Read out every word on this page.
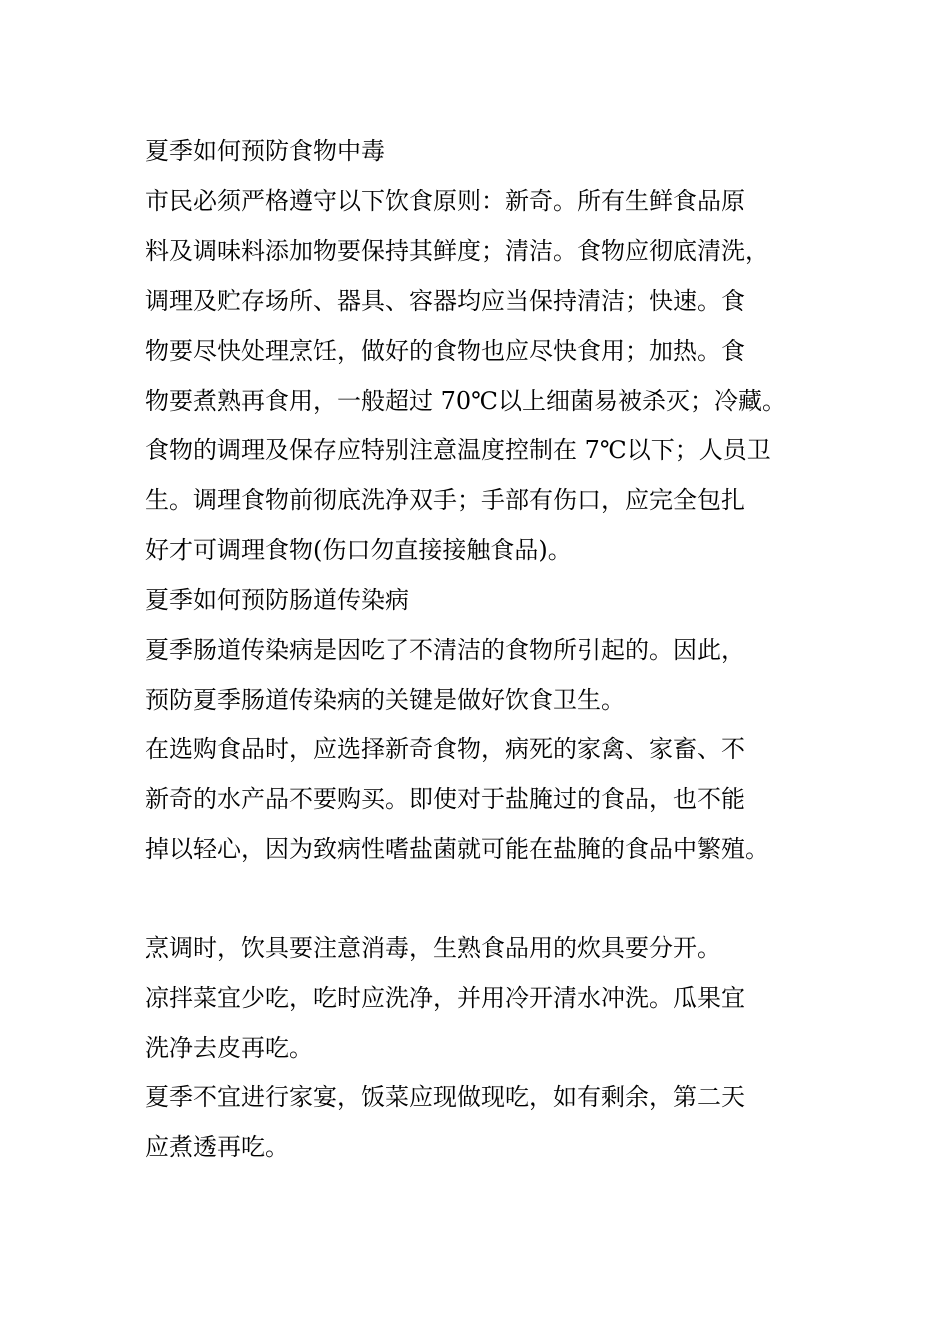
夏季如何预防食物中毒

市民必须严格遵守以下饮食原则：新奇。所有生鲜食品原

料及调味料添加物要保持其鲜度；清洁。食物应彻底清洗，

调理及贮存场所、器具、容器均应当保持清洁；快速。食

物要尽快处理烹饪，做好的食物也应尽快食用；加热。食

物要煮熟再食用，一般超过 70℃以上细菌易被杀灭；冷藏。

食物的调理及保存应特别注意温度控制在 7℃以下；人员卫

生。调理食物前彻底洗净双手；手部有伤口，应完全包扎

好才可调理食物(伤口勿直接接触食品)。

夏季如何预防肠道传染病

夏季肠道传染病是因吃了不清洁的食物所引起的。因此，

预防夏季肠道传染病的关键是做好饮食卫生。

在选购食品时，应选择新奇食物，病死的家禽、家畜、不

新奇的水产品不要购买。即使对于盐腌过的食品，也不能

掉以轻心，因为致病性嗜盐菌就可能在盐腌的食品中繁殖。

烹调时，饮具要注意消毒，生熟食品用的炊具要分开。

凉拌菜宜少吃，吃时应洗净，并用冷开清水冲洗。瓜果宜

洗净去皮再吃。

夏季不宜进行家宴，饭菜应现做现吃，如有剩余，第二天

应煮透再吃。
